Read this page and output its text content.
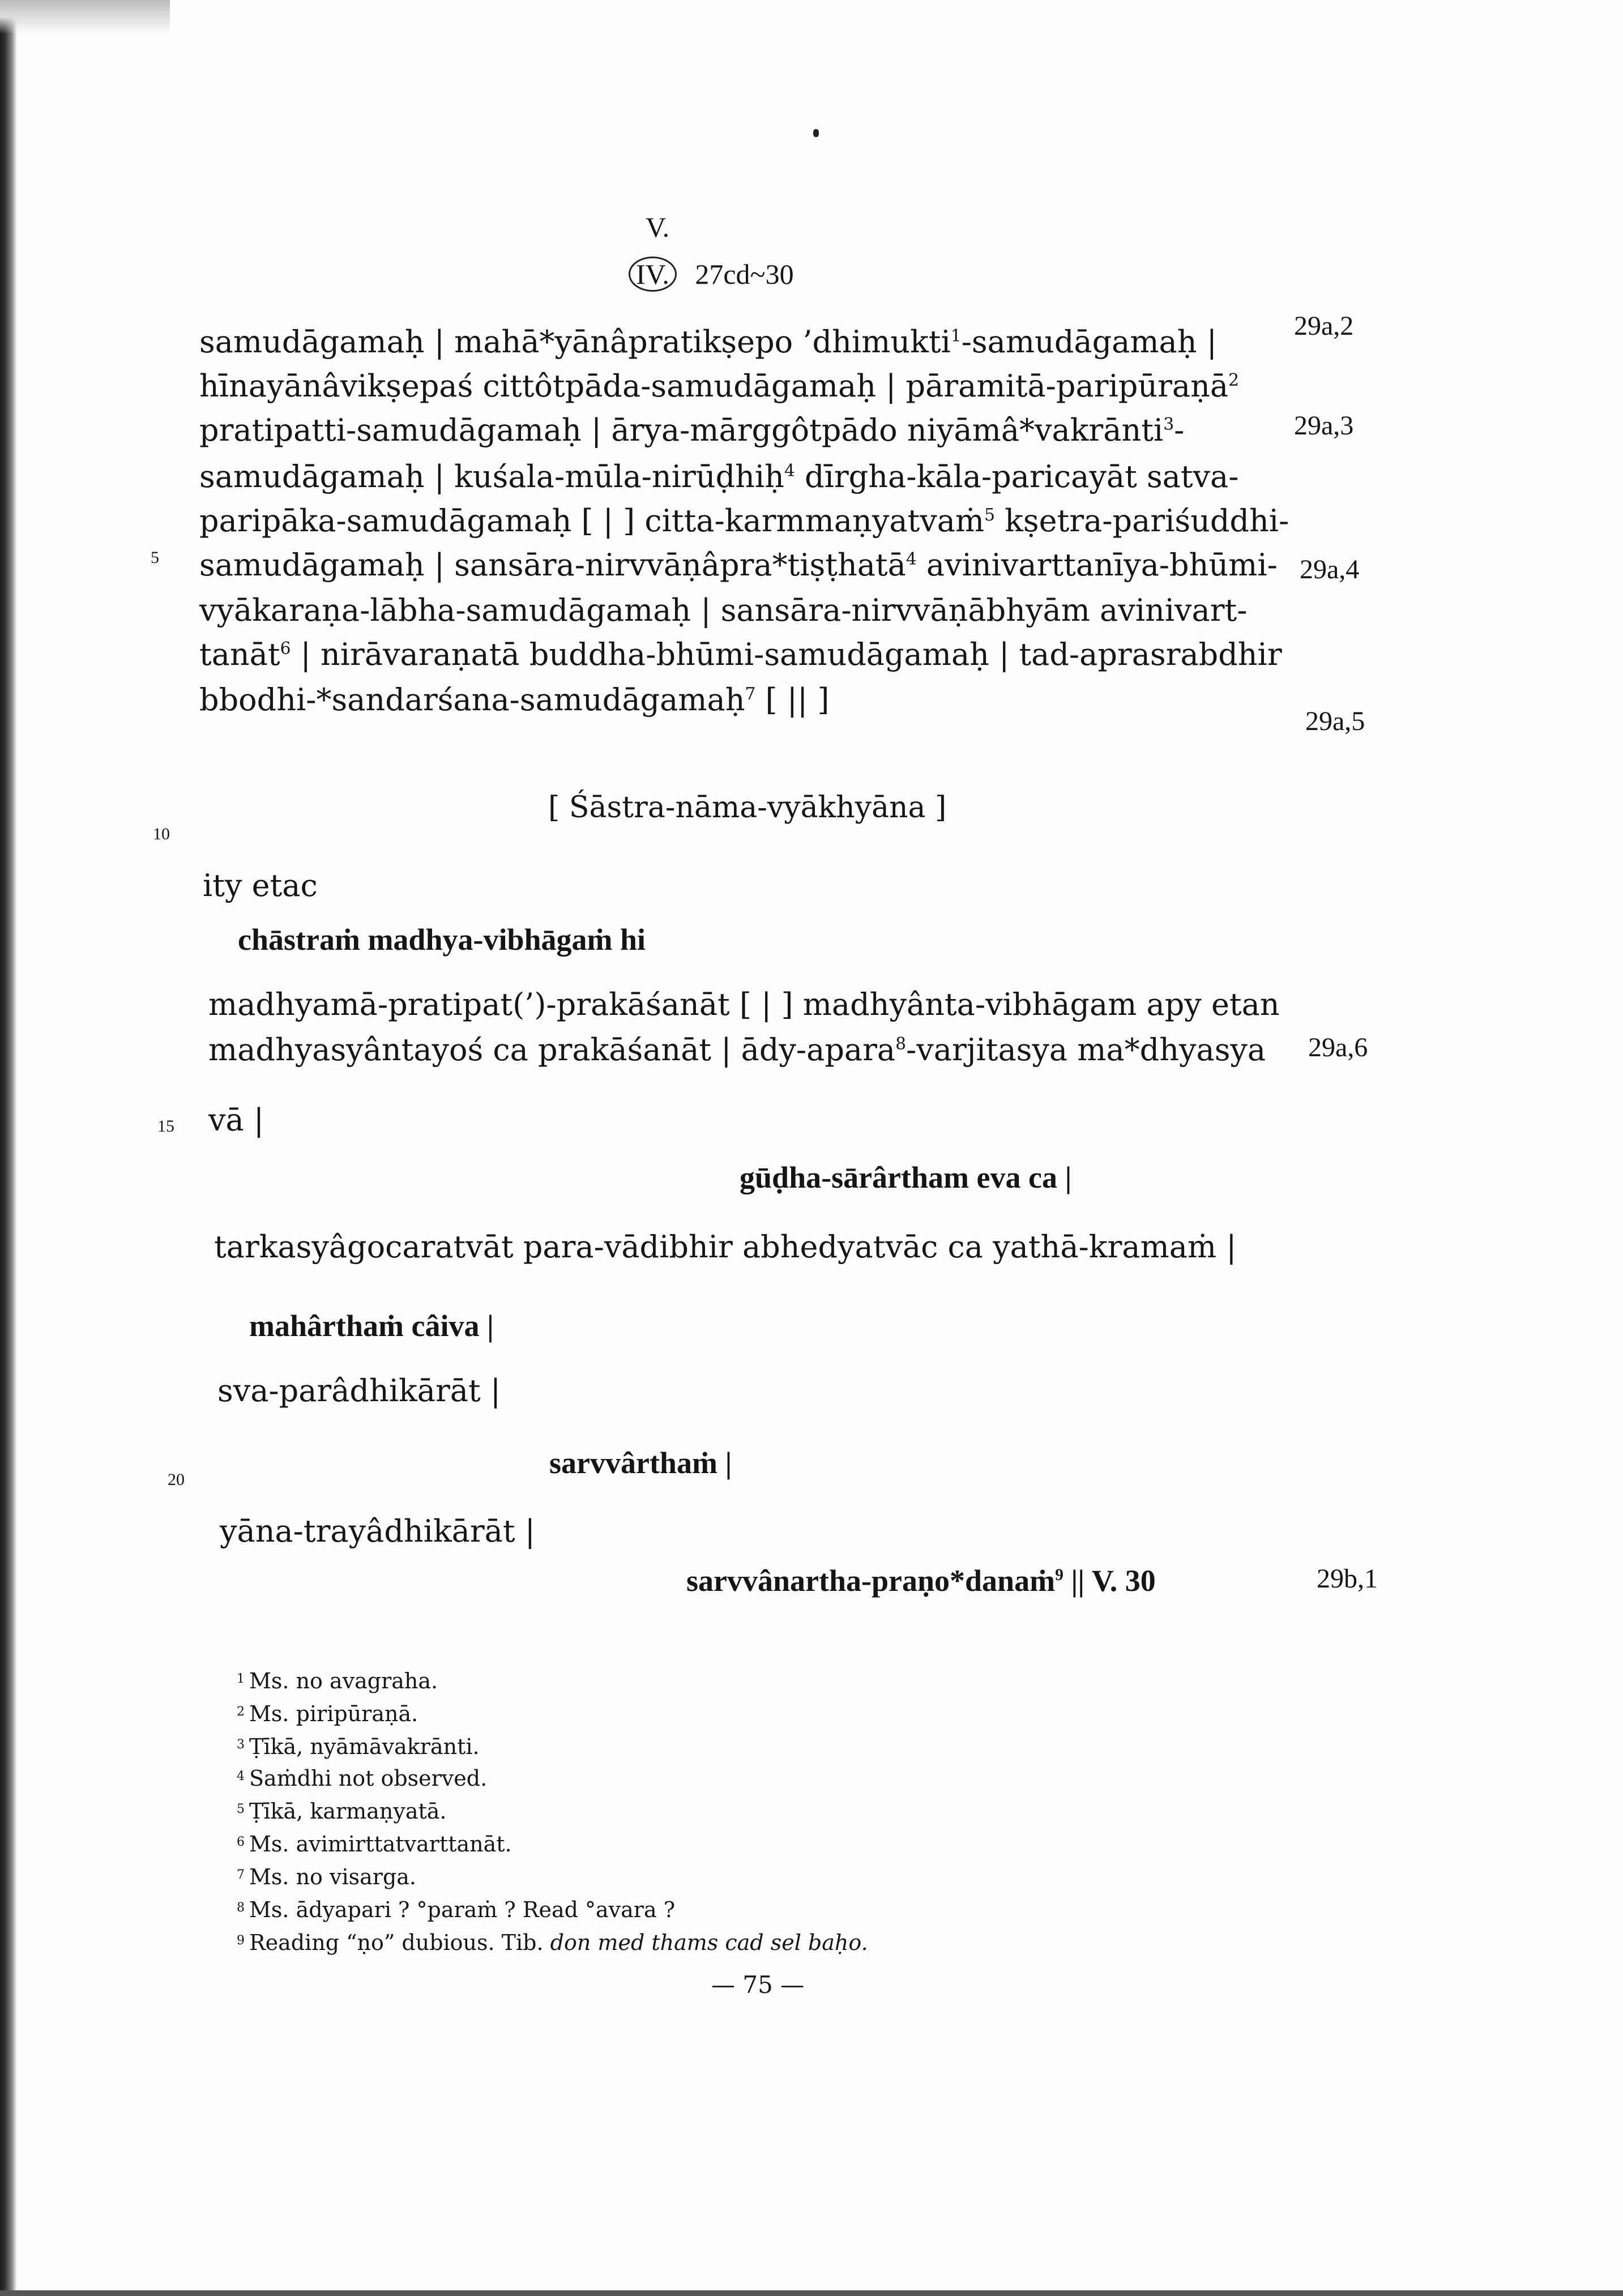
V.
IV. 27cd~30
samudāgamaḥ | mahā*yānâpratikṣepo ’dhimukti$^1$-samudāgamaḥ |
hīnayānâvikṣepaś cittôtpāda-samudāgamaḥ | pāramitā-paripūraṇā$^2$
pratipatti-samudāgamaḥ | ārya-mārggôtpādo niyāmâ*vakrānti$^3$-
samudāgamaḥ | kuśala-mūla-nirūḍhiḥ$^4$ dīrgha-kāla-paricayāt satva-
paripāka-samudāgamaḥ [ | ] citta-karmmaṇyatvaṁ$^5$ kṣetra-pariśuddhi-
samudāgamaḥ | sansāra-nirvvāṇâpra*tiṣṭhatā$^4$ avinivarttanīya-bhūmi-
vyākaraṇa-lābha-samudāgamaḥ | sansāra-nirvvāṇābhyām avinivart-
tanāt$^6$ | nirāvaraṇatā buddha-bhūmi-samudāgamaḥ | tad-aprasrabdhir
bbodhi-*sandarśana-samudāgamaḥ$^7$ [ || ]
29a,2
29a,3
29a,4
29a,5
29a,6
29b,1
5
10
15
20
[ Śāstra-nāma-vyākhyāna ]
ity etac
chāstraṁ madhya-vibhāgaṁ hi
madhyamā-pratipat(’)-prakāśanāt [ | ] madhyânta-vibhāgam apy etan
madhyasyântayoś ca prakāśanāt | ādy-apara$^8$-varjitasya ma*dhyasya
vā |
gūḍha-sārârtham eva ca |
tarkasyâgocaratvāt para-vādibhir abhedyatvāc ca yathā-kramaṁ |
mahârthaṁ câiva |
sva-parâdhikārāt |
sarvvârthaṁ |
yāna-trayâdhikārāt |
sarvvânartha-praṇo*danaṁ$^9$ || V. 30
1 Ms. no avagraha.
2 Ms. piripūraṇā.
3 Ṭīkā, nyāmāvakrānti.
4 Saṁdhi not observed.
5 Ṭīkā, karmaṇyatā.
6 Ms. avimirttatvarttanāt.
7 Ms. no visarga.
8 Ms. ādyapari ? °paraṁ ? Read °avara ?
9 Reading “ṇo” dubious. Tib. don med thams cad sel baḥo.
— 75 —
